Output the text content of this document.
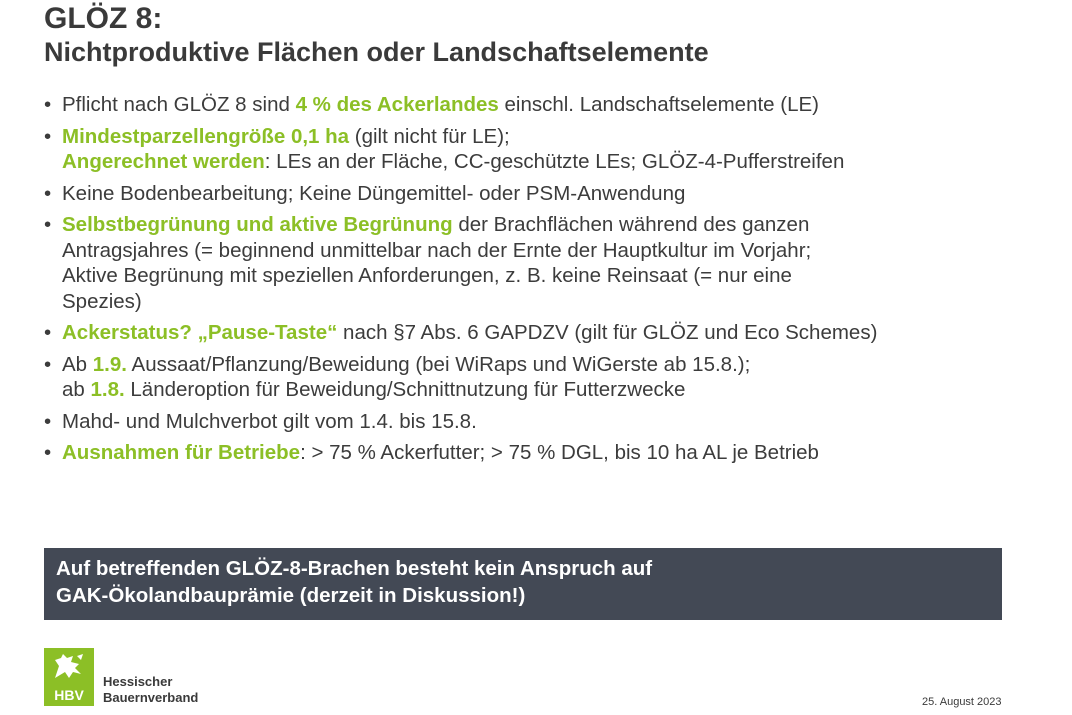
GLÖZ 8:
Nichtproduktive Flächen oder Landschaftselemente
• Pflicht nach GLÖZ 8 sind 4 % des Ackerlandes einschl. Landschaftselemente (LE)
• Mindestparzellengröße 0,1 ha (gilt nicht für LE);
Angerechnet werden: LEs an der Fläche, CC-geschützte LEs; GLÖZ-4-Pufferstreifen
• Keine Bodenbearbeitung; Keine Düngemittel- oder PSM-Anwendung
• Selbstbegrünung und aktive Begrünung der Brachflächen während des ganzen
Antragsjahres (= beginnend unmittelbar nach der Ernte der Hauptkultur im Vorjahr;
Aktive Begrünung mit speziellen Anforderungen, z. B. keine Reinsaat (= nur eine
Spezies)
• Ackerstatus? „Pause-Taste“ nach §7 Abs. 6 GAPDZV (gilt für GLÖZ und Eco Schemes)
• Ab 1.9. Aussaat/Pflanzung/Beweidung (bei WiRaps und WiGerste ab 15.8.);
ab 1.8. Länderoption für Beweidung/Schnittnutzung für Futterzwecke
• Mahd- und Mulchverbot gilt vom 1.4. bis 15.8.
• Ausnahmen für Betriebe: > 75 % Ackerfutter; > 75 % DGL, bis 10 ha AL je Betrieb
Auf betreffenden GLÖZ-8-Brachen besteht kein Anspruch auf
GAK-Ökolandbauprämie (derzeit in Diskussion!)
HBV
Hessischer
Bauernverband	25. August 2023
